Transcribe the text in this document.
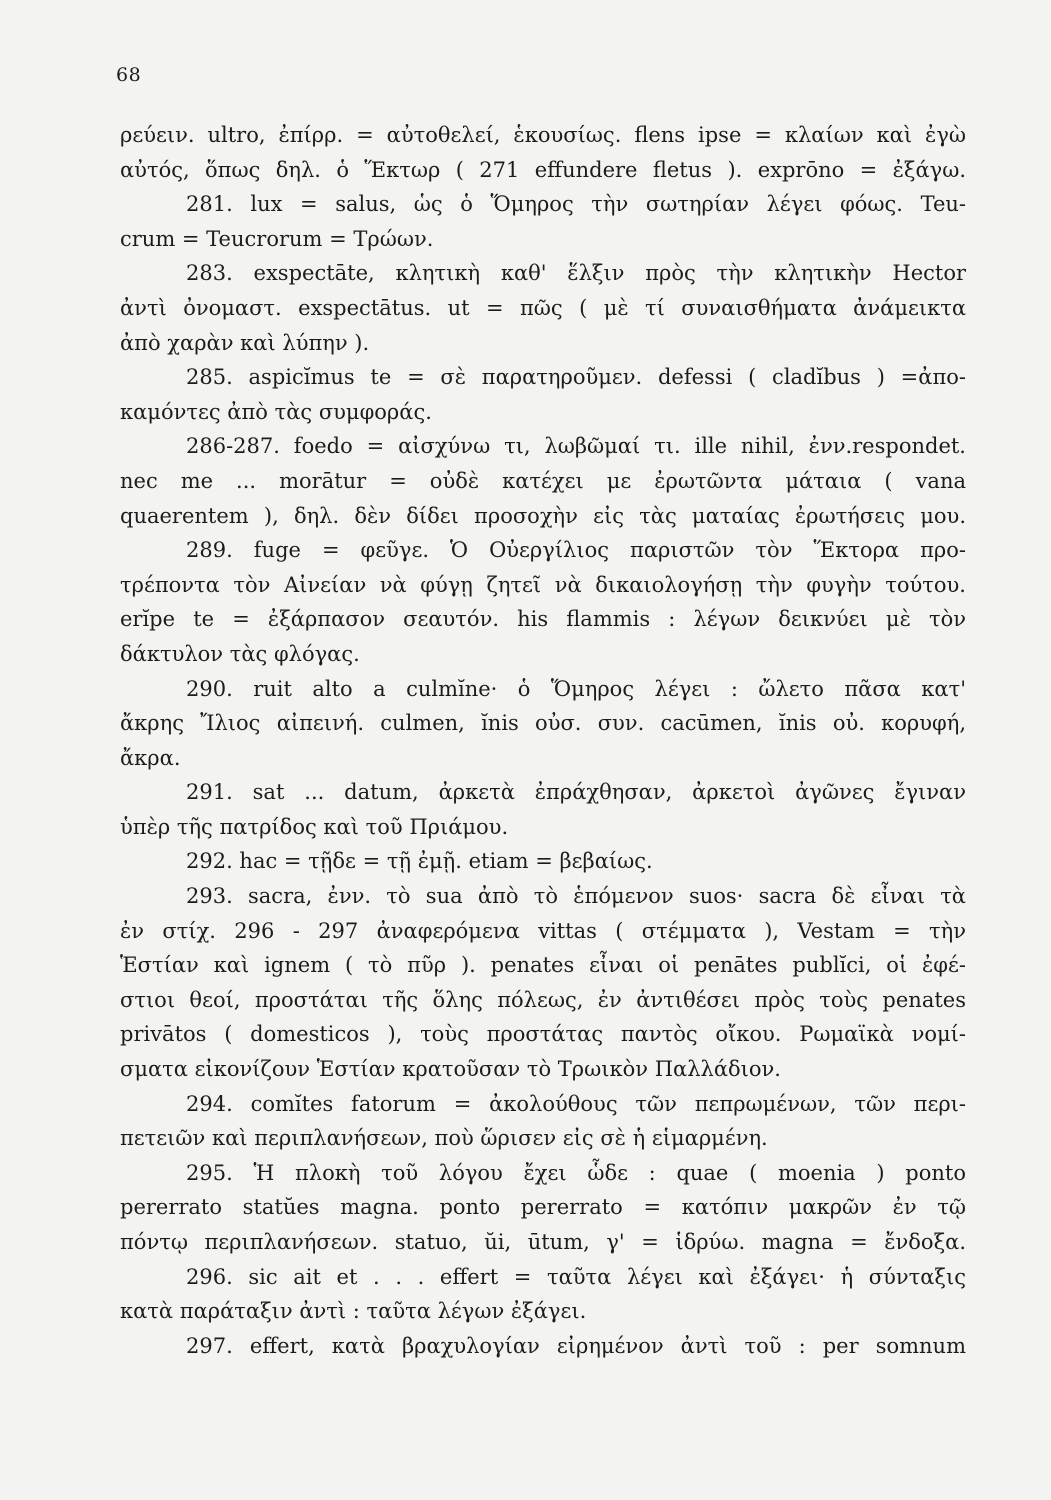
68
ρεύειν. ultro, ἐπίρρ. = αὐτοθελεί, ἑκουσίως. flens ipse = κλαίων καὶ ἐγὼ
αὐτός, ὅπως δηλ. ὁ Ἕκτωρ ( 271 effundere fletus ). exprōno = ἐξάγω.
281. lux = salus, ὡς ὁ Ὅμηρος τὴν σωτηρίαν λέγει φόως. Teu-
crum = Teucrorum = Τρώων.
283. exspectāte, κλητικὴ καθ' ἕλξιν πρὸς τὴν κλητικὴν Hector
ἀντὶ ὀνομαστ. exspectātus. ut = πῶς ( μὲ τί συναισθήματα ἀνάμεικτα
ἀπὸ χαρὰν καὶ λύπην ).
285. aspicĭmus te = σὲ παρατηροῦμεν. defessi ( cladĭbus ) =ἀπο-
καμόντες ἀπὸ τὰς συμφοράς.
286-287. foedo = αἰσχύνω τι, λωβῶμαί τι. ille nihil, ἐνν.respondet.
nec me ... morātur = οὐδὲ κατέχει με ἐρωτῶντα μάταια ( vana
quaerentem ), δηλ. δὲν δίδει προσοχὴν εἰς τὰς ματαίας ἐρωτήσεις μου.
289. fuge = φεῦγε. Ὁ Οὐεργίλιος παριστῶν τὸν Ἕκτορα προ-
τρέποντα τὸν Αἰνείαν νὰ φύγῃ ζητεῖ νὰ δικαιολογήσῃ τὴν φυγὴν τούτου.
erĭpe te = ἐξάρπασον σεαυτόν. his flammis : λέγων δεικνύει μὲ τὸν
δάκτυλον τὰς φλόγας.
290. ruit alto a culmĭne· ὁ Ὅμηρος λέγει : ὤλετο πᾶσα κατ'
ἄκρης Ἴλιος αἰπεινή. culmen, ĭnis οὐσ. συν. cacūmen, ĭnis οὐ. κορυφή,
ἄκρα.
291. sat ... datum, ἀρκετὰ ἐπράχθησαν, ἀρκετοὶ ἀγῶνες ἔγιναν
ὑπὲρ τῆς πατρίδος καὶ τοῦ Πριάμου.
292. hac = τῇδε = τῇ ἐμῇ. etiam = βεβαίως.
293. sacra, ἐνν. τὸ sua ἀπὸ τὸ ἑπόμενον suos· sacra δὲ εἶναι τὰ
ἐν στίχ. 296 - 297 ἀναφερόμενα vittas ( στέμματα ), Vestam = τὴν
Ἑστίαν καὶ ignem ( τὸ πῦρ ). penates εἶναι οἱ penātes publĭci, οἱ ἐφέ-
στιοι θεοί, προστάται τῆς ὅλης πόλεως, ἐν ἀντιθέσει πρὸς τοὺς penates
privātos ( domesticos ), τοὺς προστάτας παντὸς οἴκου. Ρωμαϊκὰ νομί-
σματα εἰκονίζουν Ἑστίαν κρατοῦσαν τὸ Τρωικὸν Παλλάδιον.
294. comĭtes fatorum = ἀκολούθους τῶν πεπρωμένων, τῶν περι-
πετειῶν καὶ περιπλανήσεων, ποὺ ὥρισεν εἰς σὲ ἡ εἱμαρμένη.
295. Ἡ πλοκὴ τοῦ λόγου ἔχει ὧδε : quae ( moenia ) ponto
pererrato statŭes magna. ponto pererrato = κατόπιν μακρῶν ἐν τῷ
πόντῳ περιπλανήσεων. statuo, ŭi, ūtum, γ' = ἱδρύω. magna = ἔνδοξα.
296. sic ait et . . . effert = ταῦτα λέγει καὶ ἐξάγει· ἡ σύνταξις
κατὰ παράταξιν ἀντὶ : ταῦτα λέγων ἐξάγει.
297. effert, κατὰ βραχυλογίαν εἰρημένον ἀντὶ τοῦ : per somnum
